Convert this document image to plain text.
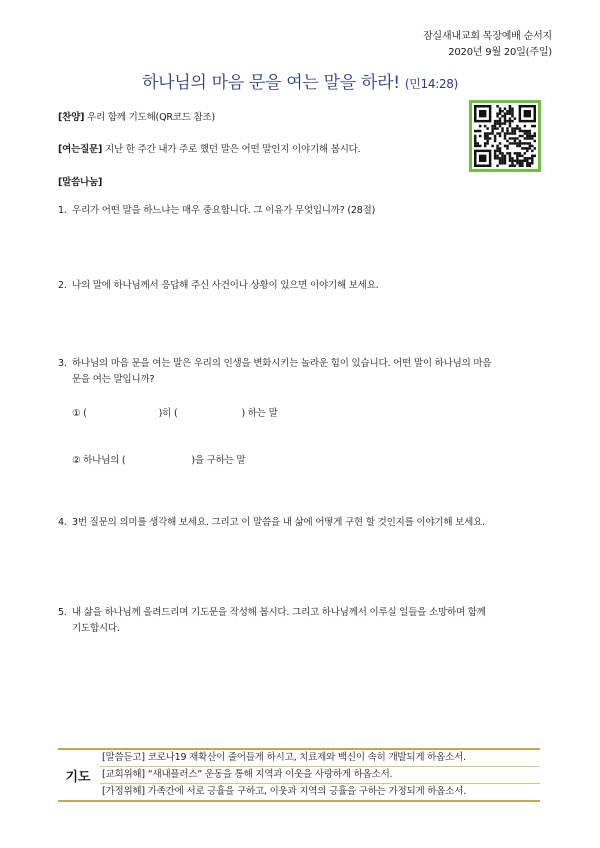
잠실새내교회 목장예배 순서지
2020년 9월 20일(주일)
하나님의 마음 문을 여는 말을 하라! (민14:28)
[찬양] 우리 함께 기도해(QR코드 참조)
[여는질문] 지난 한 주간 내가 주로 했던 말은 어떤 말인지 이야기해 봅시다.
[말씀나눔]
1. 우리가 어떤 말을 하느냐는 매우 중요합니다. 그 이유가 무엇입니까? (28절)
2. 나의 말에 하나님께서 응답해 주신 사건이나 상황이 있으면 이야기해 보세요.
3. 하나님의 마음 문을 여는 말은 우리의 인생을 변화시키는 놀라운 힘이 있습니다. 어떤 말이 하나님의 마음
문을 여는 말입니까?
① (	)히 (	) 하는 말
② 하나님의 (	)을 구하는 말
4. 3번 질문의 의미를 생각해 보세요. 그리고 이 말씀을 내 삶에 어떻게 구현 할 것인지를 이야기해 보세요.
5. 내 삶을 하나님께 올려드리며 기도문을 작성해 봅시다. 그리고 하나님께서 이루실 일들을 소망하며 함께
기도합시다.
기도
[말씀듣고] 코로나19 재확산이 줄어들게 하시고, 치료제와 백신이 속히 개발되게 하옵소서.
[교회위해] “새내플러스” 운동을 통해 지역과 이웃을 사랑하게 하옵소서.
[가정위해] 가족간에 서로 긍휼을 구하고, 이웃과 지역의 긍휼을 구하는 가정되게 하옵소서.
